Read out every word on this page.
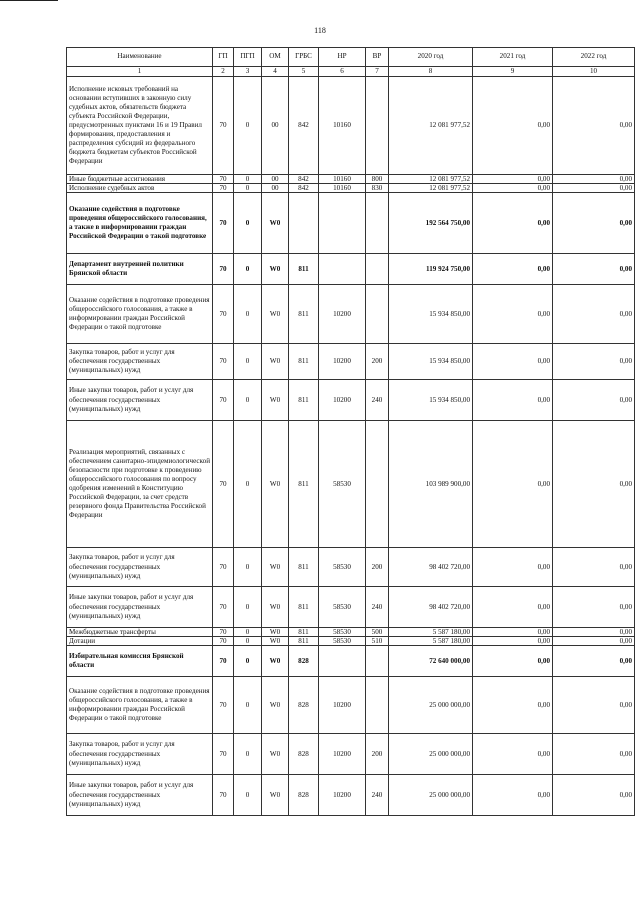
118
Наименование	ГП	ПГП	ОМ	ГРБС	НР	ВР	2020 год	2021 год	2022 год
1	2	3	4	5	6	7	8	9	10
Исполнение исковых требований на основании вступивших в законную силу судебных актов, обязательств бюджета субъекта Российской Федерации, предусмотренных пунктами 16 и 19 Правил формирования, предоставления и распределения субсидий из федерального бюджета бюджетам субъектов Российской Федерации	70	0	00	842	10160		12 081 977,52	0,00	0,00
Иные бюджетные ассигнования	70	0	00	842	10160	800	12 081 977,52	0,00	0,00
Исполнение судебных актов	70	0	00	842	10160	830	12 081 977,52	0,00	0,00
Оказание содействия в подготовке проведения общероссийского голосования, а также в информировании граждан Российской Федерации о такой подготовке	70	0	W0				192 564 750,00	0,00	0,00
Департамент внутренней политики Брянской области	70	0	W0	811			119 924 750,00	0,00	0,00
Оказание содействия в подготовке проведения общероссийского голосования, а также в информировании граждан Российской Федерации о такой подготовке	70	0	W0	811	10200		15 934 850,00	0,00	0,00
Закупка товаров, работ и услуг для обеспечения государственных (муниципальных) нужд	70	0	W0	811	10200	200	15 934 850,00	0,00	0,00
Иные закупки товаров, работ и услуг для обеспечения государственных (муниципальных) нужд	70	0	W0	811	10200	240	15 934 850,00	0,00	0,00
Реализация мероприятий, связанных с обеспечением санитарно-эпидемиологической безопасности при подготовке к проведению общероссийского голосования по вопросу одобрения изменений в Конституцию Российской Федерации, за счет средств резервного фонда Правительства Российской Федерации	70	0	W0	811	58530		103 989 900,00	0,00	0,00
Закупка товаров, работ и услуг для обеспечения государственных (муниципальных) нужд	70	0	W0	811	58530	200	98 402 720,00	0,00	0,00
Иные закупки товаров, работ и услуг для обеспечения государственных (муниципальных) нужд	70	0	W0	811	58530	240	98 402 720,00	0,00	0,00
Межбюджетные трансферты	70	0	W0	811	58530	500	5 587 180,00	0,00	0,00
Дотации	70	0	W0	811	58530	510	5 587 180,00	0,00	0,00
Избирательная комиссия Брянской области	70	0	W0	828			72 640 000,00	0,00	0,00
Оказание содействия в подготовке проведения общероссийского голосования, а также в информировании граждан Российской Федерации о такой подготовке	70	0	W0	828	10200		25 000 000,00	0,00	0,00
Закупка товаров, работ и услуг для обеспечения государственных (муниципальных) нужд	70	0	W0	828	10200	200	25 000 000,00	0,00	0,00
Иные закупки товаров, работ и услуг для обеспечения государственных (муниципальных) нужд	70	0	W0	828	10200	240	25 000 000,00	0,00	0,00
